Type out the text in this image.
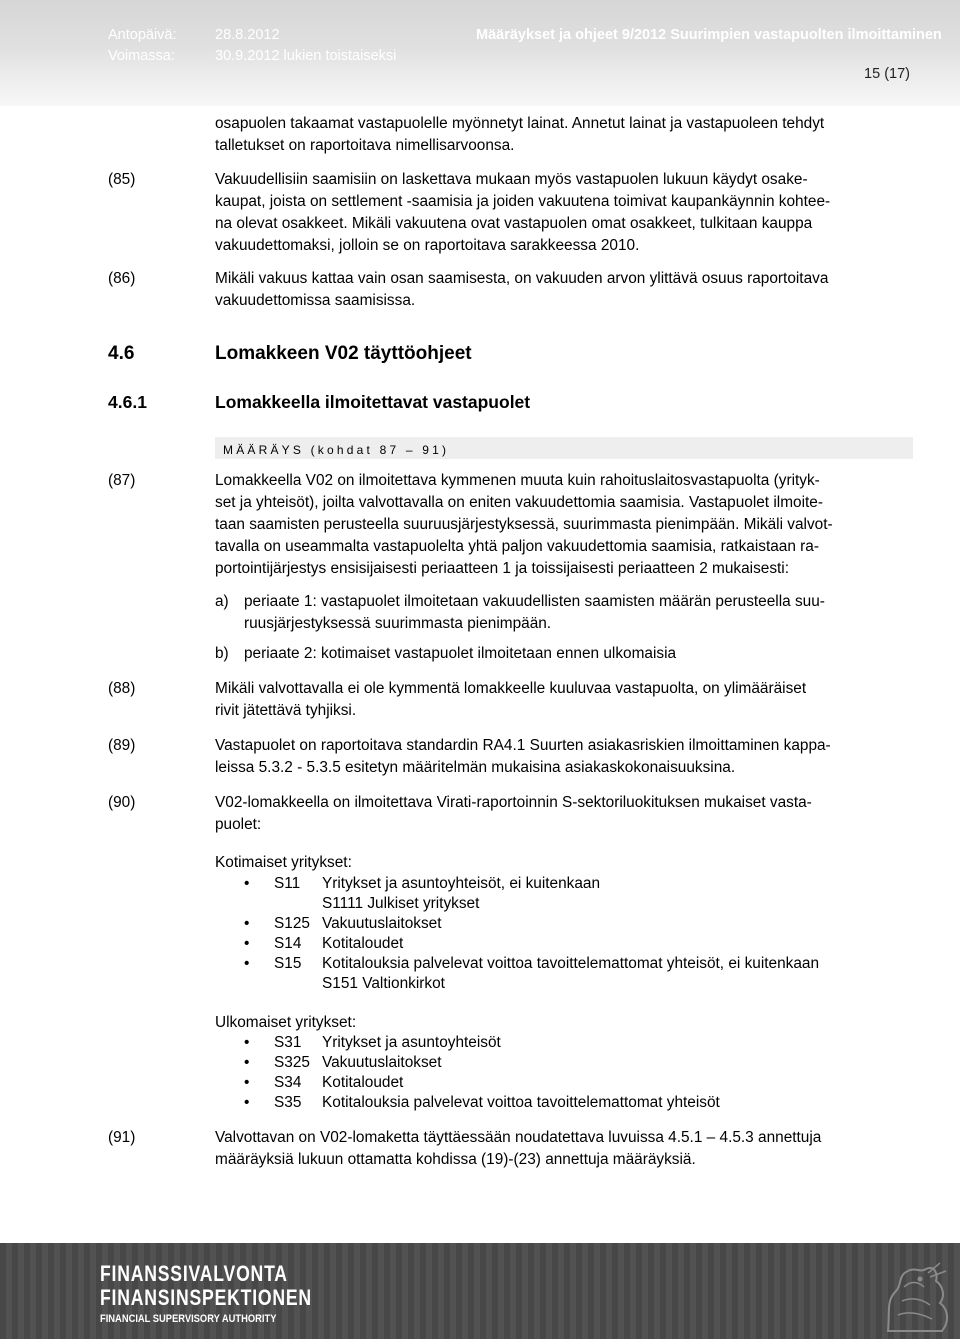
Antopäivä:	28.8.2012
Voimassa:	30.9.2012 lukien toistaiseksi
Määräykset ja ohjeet 9/2012 Suurimpien vastapuolten ilmoittaminen
15 (17)
osapuolen takaamat vastapuolelle myönnetyt lainat. Annetut lainat ja vastapuoleen tehdyt
talletukset on raportoitava nimellisarvoonsa.
(85)	Vakuudellisiin saamisiin on laskettava mukaan myös vastapuolen lukuun käydyt osake-
kaupat, joista on settlement -saamisia ja joiden vakuutena toimivat kaupankäynnin kohtee-
na olevat osakkeet. Mikäli vakuutena ovat vastapuolen omat osakkeet, tulkitaan kauppa
vakuudettomaksi, jolloin se on raportoitava sarakkeessa 2010.
(86)	Mikäli vakuus kattaa vain osan saamisesta, on vakuuden arvon ylittävä osuus raportoitava
vakuudettomissa saamisissa.
4.6	Lomakkeen V02 täyttöohjeet
4.6.1	Lomakkeella ilmoitettavat vastapuolet
MÄÄRÄYS (kohdat 87 – 91)
(87)	Lomakkeella V02 on ilmoitettava kymmenen muuta kuin rahoituslaitosvastapuolta (yrityk-
set ja yhteisöt), joilta valvottavalla on eniten vakuudettomia saamisia. Vastapuolet ilmoite-
taan saamisten perusteella suuruusjärjestyksessä, suurimmasta pienimpään. Mikäli valvot-
tavalla on useammalta vastapuolelta yhtä paljon vakuudettomia saamisia, ratkaistaan ra-
portointijärjestys ensisijaisesti periaatteen 1 ja toissijaisesti periaatteen 2 mukaisesti:
a) periaate 1: vastapuolet ilmoitetaan vakuudellisten saamisten määrän perusteella suu-
ruusjärjestyksessä suurimmasta pienimpään.
b) periaate 2: kotimaiset vastapuolet ilmoitetaan ennen ulkomaisia
(88)	Mikäli valvottavalla ei ole kymmentä lomakkeelle kuuluvaa vastapuolta, on ylimääräiset
rivit jätettävä tyhjiksi.
(89)	Vastapuolet on raportoitava standardin RA4.1 Suurten asiakasriskien ilmoittaminen kappa-
leissa 5.3.2 - 5.3.5 esitetyn määritelmän mukaisina asiakaskokonaisuuksina.
(90)	V02-lomakkeella on ilmoitettava Virati-raportoinnin S-sektoriluokituksen mukaiset vasta-
puolet:
Kotimaiset yritykset:
• S11 Yritykset ja asuntoyhteisöt, ei kuitenkaan
S1111 Julkiset yritykset
• S125 Vakuutuslaitokset
• S14 Kotitaloudet
• S15 Kotitalouksia palvelevat voittoa tavoittelemattomat yhteisöt, ei kuitenkaan
S151 Valtionkirkot
Ulkomaiset yritykset:
• S31 Yritykset ja asuntoyhteisöt
• S325 Vakuutuslaitokset
• S34 Kotitaloudet
• S35 Kotitalouksia palvelevat voittoa tavoittelemattomat yhteisöt
(91)	Valvottavan on V02-lomaketta täyttäessään noudatettava luvuissa 4.5.1 – 4.5.3 annettuja
määräyksiä lukuun ottamatta kohdissa (19)-(23) annettuja määräyksiä.
FINANSSIVALVONTA
FINANSINSPEKTIONEN
FINANCIAL SUPERVISORY AUTHORITY
